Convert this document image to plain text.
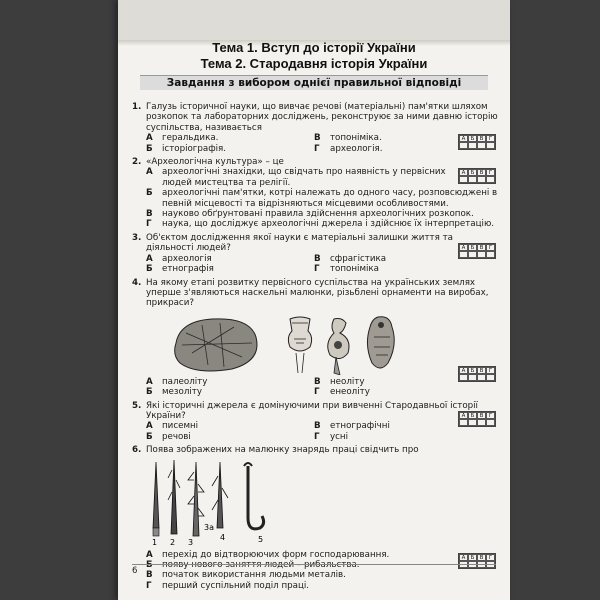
Тема 1. Вступ до історії України
Тема 2. Стародавня історія України
Завдання з вибором однієї правильної відповіді
1. Галузь історичної науки, що вивчає речові (матеріальні) пам'ятки шляхом розкопок та лабораторних досліджень, реконструює за ними давню історію суспільства, називається
А	геральдика.	В	топоніміка.
Б	історіографія.	Г	археологія.
А Б В Г
2. «Археологічна культура» – це
А	археологічні знахідки, що свідчать про наявність у первісних людей мистецтва та релігії.
Б	археологічні пам'ятки, котрі належать до одного часу, розповсюджені в певній місцевості та відрізняються місцевими особливостями.
В	науково обґрунтовані правила здійснення археологічних розкопок.
Г	наука, що досліджує археологічні джерела і здійснює їх інтерпретацію.
А Б В Г
3. Об'єктом дослідження якої науки є матеріальні залишки життя та діяльності людей?
А	археологія	В	сфрагістика
Б	етнографія	Г	топоніміка
А Б В Г
4. На якому етапі розвитку первісного суспільства на українських землях уперше з'являються наскельні малюнки, різьблені орнаменти на виробах, прикраси?
А	палеоліту	В	неоліту
Б	мезоліту	Г	енеоліту
А Б В Г
5. Які історичні джерела є домінуючими при вивченні Стародавньої історії України?
А	писемні	В	етнографічні
Б	речові	Г	усні
А Б В Г
6. Поява зображених на малюнку знарядь праці свідчить про
1 2 3
3а
4	5
А	перехід до відтворюючих форм господарювання.
Б	появу нового заняття людей – рибальства.
В	початок використання людьми металів.
Г	перший суспільний поділ праці.
А Б В Г
6
